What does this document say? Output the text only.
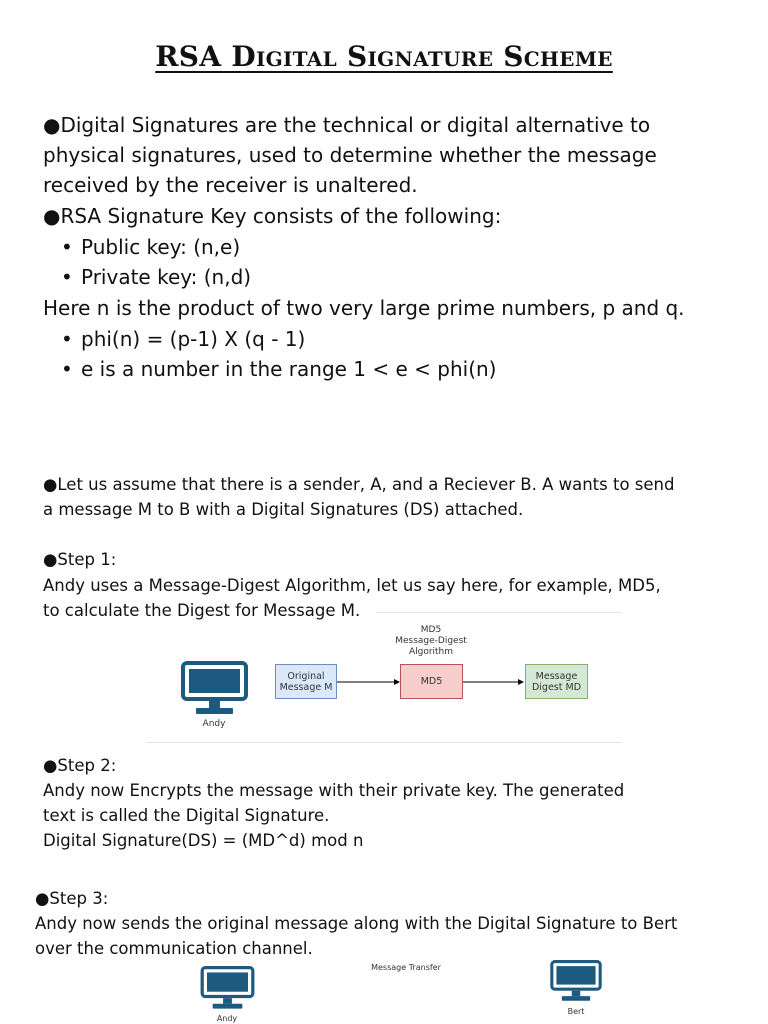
RSA Digital Signature Scheme
●Digital Signatures are the technical or digital alternative to
physical signatures, used to determine whether the message
received by the receiver is unaltered.
●RSA Signature Key consists of the following:
• Public key: (n,e)
• Private key: (n,d)
Here n is the product of two very large prime numbers, p and q.
• phi(n) = (p-1) X (q - 1)
• e is a number in the range 1 < e < phi(n)
●Let us assume that there is a sender, A, and a Reciever B. A wants to send
a message M to B with a Digital Signatures (DS) attached.
●Step 1:
Andy uses a Message-Digest Algorithm, let us say here, for example, MD5,
to calculate the Digest for Message M.
MD5
Message-Digest
Algorithm
Andy
Original
Message M	MD5	Message
Digest MD
●Step 2:
Andy now Encrypts the message with their private key. The generated
text is called the Digital Signature.
Digital Signature(DS) = (MD^d) mod n
●Step 3:
Andy now sends the original message along with the Digital Signature to Bert
over the communication channel.
Andy
Message Transfer
Bert
